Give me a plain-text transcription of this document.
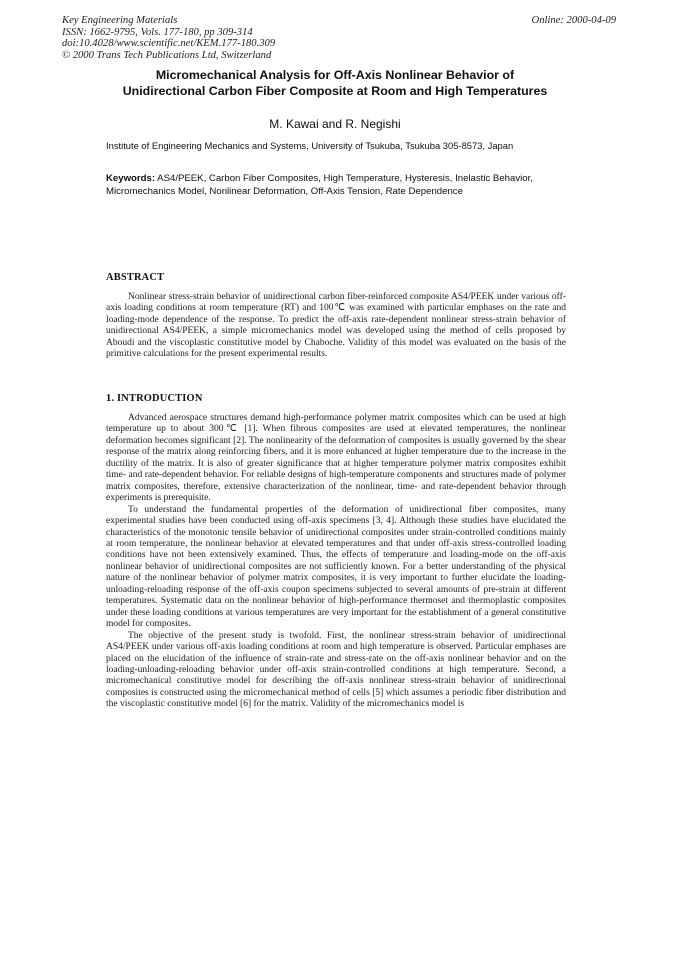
Key Engineering Materials
ISSN: 1662-9795, Vols. 177-180, pp 309-314
doi:10.4028/www.scientific.net/KEM.177-180.309
© 2000 Trans Tech Publications Ltd, Switzerland
Online: 2000-04-09
Micromechanical Analysis for Off-Axis Nonlinear Behavior of
Unidirectional Carbon Fiber Composite at Room and High Temperatures
M. Kawai and R. Negishi
Institute of Engineering Mechanics and Systems, University of Tsukuba, Tsukuba 305-8573, Japan
Keywords: AS4/PEEK, Carbon Fiber Composites, High Temperature, Hysteresis, Inelastic Behavior, Micromechanics Model, Nonlinear Deformation, Off-Axis Tension, Rate Dependence
ABSTRACT

Nonlinear stress-strain behavior of unidirectional carbon fiber-reinforced composite AS4/PEEK under various off-axis loading conditions at room temperature (RT) and 100℃ was examined with particular emphases on the rate and loading-mode dependence of the response. To predict the off-axis rate-dependent nonlinear stress-strain behavior of unidirectional AS4/PEEK, a simple micromechanics model was developed using the method of cells proposed by Aboudi and the viscoplastic constitutive model by Chaboche. Validity of this model was evaluated on the basis of the primitive calculations for the present experimental results.

1. INTRODUCTION

Advanced aerospace structures demand high-performance polymer matrix composites which can be used at high temperature up to about 300℃ [1]. When fibrous composites are used at elevated temperatures, the nonlinear deformation becomes significant [2]. The nonlinearity of the deformation of composites is usually governed by the shear response of the matrix along reinforcing fibers, and it is more enhanced at higher temperature due to the increase in the ductility of the matrix. It is also of greater significance that at higher temperature polymer matrix composites exhibit time- and rate-dependent behavior. For reliable designs of high-temperature components and structures made of polymer matrix composites, therefore, extensive characterization of the nonlinear, time- and rate-dependent behavior through experiments is prerequisite.

To understand the fundamental properties of the deformation of unidirectional fiber composites, many experimental studies have been conducted using off-axis specimens [3, 4]. Although these studies have elucidated the characteristics of the monotonic tensile behavior of unidirectional composites under strain-controlled conditions mainly at room temperature, the nonlinear behavior at elevated temperatures and that under off-axis stress-controlled loading conditions have not been extensively examined. Thus, the effects of temperature and loading-mode on the off-axis nonlinear behavior of unidirectional composites are not sufficiently known. For a better understanding of the physical nature of the nonlinear behavior of polymer matrix composites, it is very important to further elucidate the loading-unloading-reloading response of the off-axis coupon specimens subjected to several amounts of pre-strain at different temperatures. Systematic data on the nonlinear behavior of high-performance thermoset and thermoplastic composites under these loading conditions at various temperatures are very important for the establishment of a general constitutive model for composites.

The objective of the present study is twofold. First, the nonlinear stress-strain behavior of unidirectional AS4/PEEK under various off-axis loading conditions at room and high temperature is observed. Particular emphases are placed on the elucidation of the influence of strain-rate and stress-rate on the off-axis nonlinear behavior and on the loading-unloading-reloading behavior under off-axis strain-controlled conditions at high temperature. Second, a micromechanical constitutive model for describing the off-axis nonlinear stress-strain behavior of unidirectional composites is constructed using the micromechanical method of cells [5] which assumes a periodic fiber distribution and the viscoplastic constitutive model [6] for the matrix. Validity of the micromechanics model is
